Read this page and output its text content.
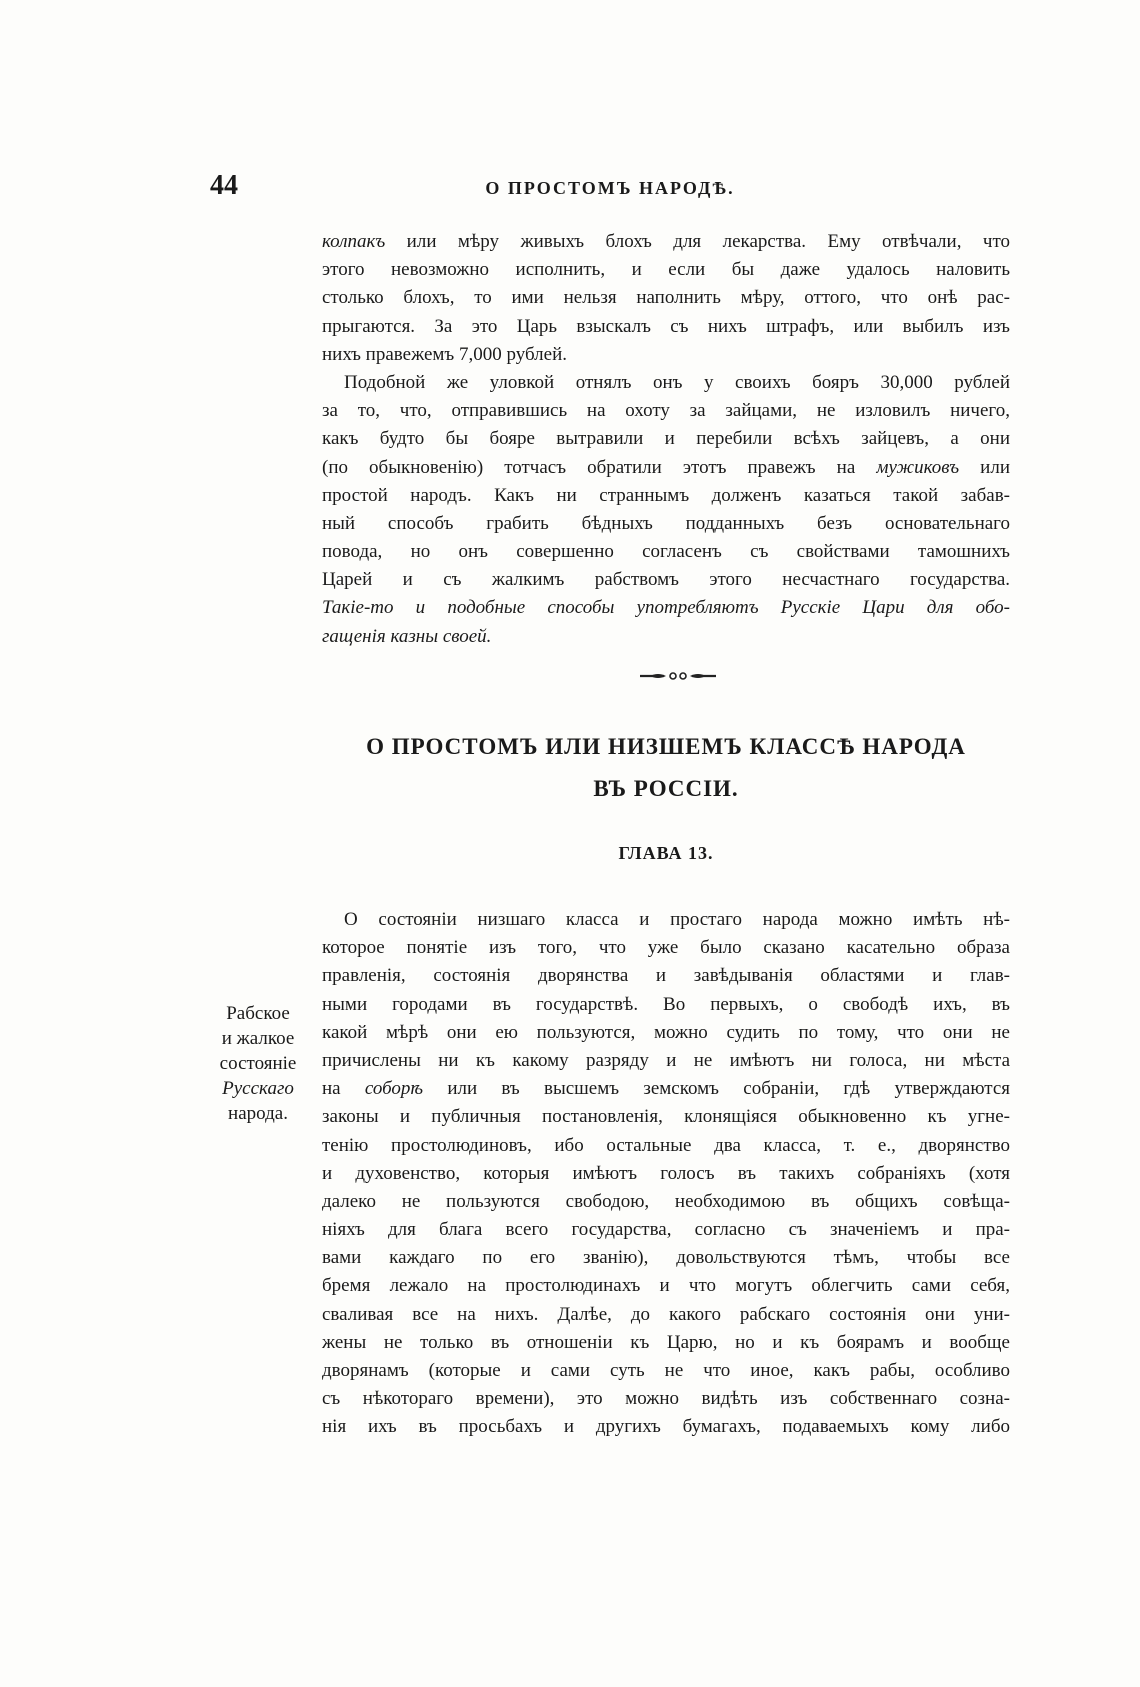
44	О ПРОСТОМЪ НАРОДѢ.
колпакъ или мѣру живыхъ блохъ для лекарства. Ему отвѣчали, что
этого невозможно исполнить, и если бы даже удалось наловить
столько блохъ, то ими нельзя наполнить мѣру, оттого, что онѣ рас-
прыгаются. За это Царь взыскалъ съ нихъ штрафъ, или выбилъ изъ
нихъ правежемъ 7,000 рублей.
Подобной же уловкой отнялъ онъ у своихъ бояръ 30,000 рублей
за то, что, отправившись на охоту за зайцами, не изловилъ ничего,
какъ будто бы бояре вытравили и перебили всѣхъ зайцевъ, а они
(по обыкновенію) тотчасъ обратили этотъ правежъ на мужиковъ или
простой народъ. Какъ ни страннымъ долженъ казаться такой забав-
ный способъ грабить бѣдныхъ подданныхъ безъ основательнаго
повода, но онъ совершенно согласенъ съ свойствами тамошнихъ
Царей и съ жалкимъ рабствомъ этого несчастнаго государства.
Такіе-то и подобные способы употребляютъ Русскіе Цари для обо-
гащенія казны своей.
О ПРОСТОМЪ ИЛИ НИЗШЕМЪ КЛАССѢ НАРОДА
ВЪ РОССІИ.
ГЛАВА 13.
Рабское
и жалкое
состояніе
Русскаго
народа.
О состояніи низшаго класса и простаго народа можно имѣть нѣ-
которое понятіе изъ того, что уже было сказано касательно образа
правленія, состоянія дворянства и завѣдыванія областями и глав-
ными городами въ государствѣ. Во первыхъ, о свободѣ ихъ, въ
какой мѣрѣ они ею пользуются, можно судить по тому, что они не
причислены ни къ какому разряду и не имѣютъ ни голоса, ни мѣста
на соборѣ или въ высшемъ земскомъ собраніи, гдѣ утверждаются
законы и публичныя постановленія, клонящіяся обыкновенно къ угне-
тенію простолюдиновъ, ибо остальные два класса, т. е., дворянство
и духовенство, которыя имѣютъ голосъ въ такихъ собраніяхъ (хотя
далеко не пользуются свободою, необходимою въ общихъ совѣща-
ніяхъ для блага всего государства, согласно съ значеніемъ и пра-
вами каждаго по его званію), довольствуются тѣмъ, чтобы все
бремя лежало на простолюдинахъ и что могутъ облегчить сами себя,
сваливая все на нихъ. Далѣе, до какого рабскаго состоянія они уни-
жены не только въ отношеніи къ Царю, но и къ боярамъ и вообще
дворянамъ (которые и сами суть не что иное, какъ рабы, особливо
съ нѣкотораго времени), это можно видѣть изъ собственнаго созна-
нія ихъ въ просьбахъ и другихъ бумагахъ, подаваемыхъ кому либо
